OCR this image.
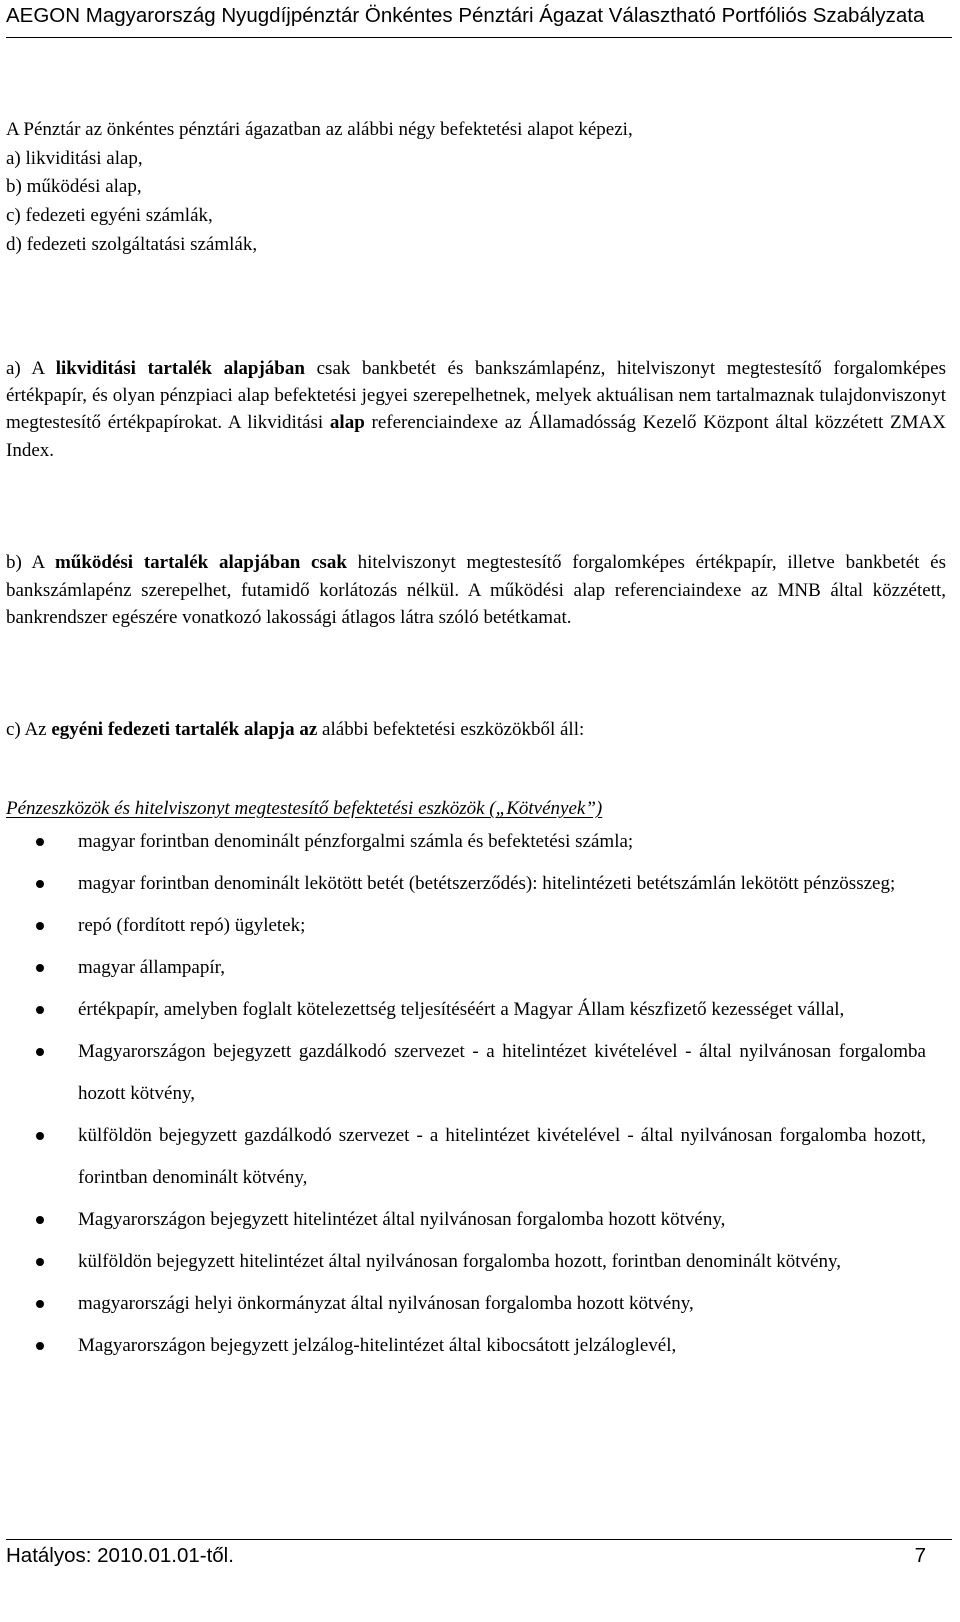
AEGON Magyarország Nyugdíjpénztár Önkéntes Pénztári Ágazat Választható Portfóliós Szabályzata

A Pénztár az önkéntes pénztári ágazatban az alábbi négy befektetési alapot képezi,

a) likviditási alap,

b) működési alap,

c) fedezeti egyéni számlák,

d) fedezeti szolgáltatási számlák,

a) A likviditási tartalék alapjában csak bankbetét és bankszámlapénz, hitelviszonyt megtestesítő forgalomképes értékpapír, és olyan pénzpiaci alap befektetési jegyei szerepelhetnek, melyek aktuálisan nem tartalmaznak tulajdonviszonyt megtestesítő értékpapírokat. A likviditási alap referenciaindexe az Államadósság Kezelő Központ által közzétett ZMAX Index.

b) A működési tartalék alapjában csak hitelviszonyt megtestesítő forgalomképes értékpapír, illetve bankbetét és bankszámlapénz szerepelhet, futamidő korlátozás nélkül. A működési alap referenciaindexe az MNB által közzétett, bankrendszer egészére vonatkozó lakossági átlagos látra szóló betétkamat.

c) Az egyéni fedezeti tartalék alapja az alábbi befektetési eszközökből áll:

Pénzeszközök és hitelviszonyt megtestesítő befektetési eszközök („Kötvények”)
magyar forintban denominált pénzforgalmi számla és befektetési számla;
magyar forintban denominált lekötött betét (betétszerződés): hitelintézeti betétszámlán lekötött pénzösszeg;
repó (fordított repó) ügyletek;
magyar állampapír,
értékpapír, amelyben foglalt kötelezettség teljesítéséért a Magyar Állam készfizető kezességet vállal,
Magyarországon bejegyzett gazdálkodó szervezet - a hitelintézet kivételével - által nyilvánosan forgalomba hozott kötvény,
külföldön bejegyzett gazdálkodó szervezet - a hitelintézet kivételével - által nyilvánosan forgalomba hozott, forintban denominált kötvény,
Magyarországon bejegyzett hitelintézet által nyilvánosan forgalomba hozott kötvény,
külföldön bejegyzett hitelintézet által nyilvánosan forgalomba hozott, forintban denominált kötvény,
magyarországi helyi önkormányzat által nyilvánosan forgalomba hozott kötvény,
Magyarországon bejegyzett jelzálog-hitelintézet által kibocsátott jelzáloglevél,
Hatályos: 2010.01.01-től.	7
